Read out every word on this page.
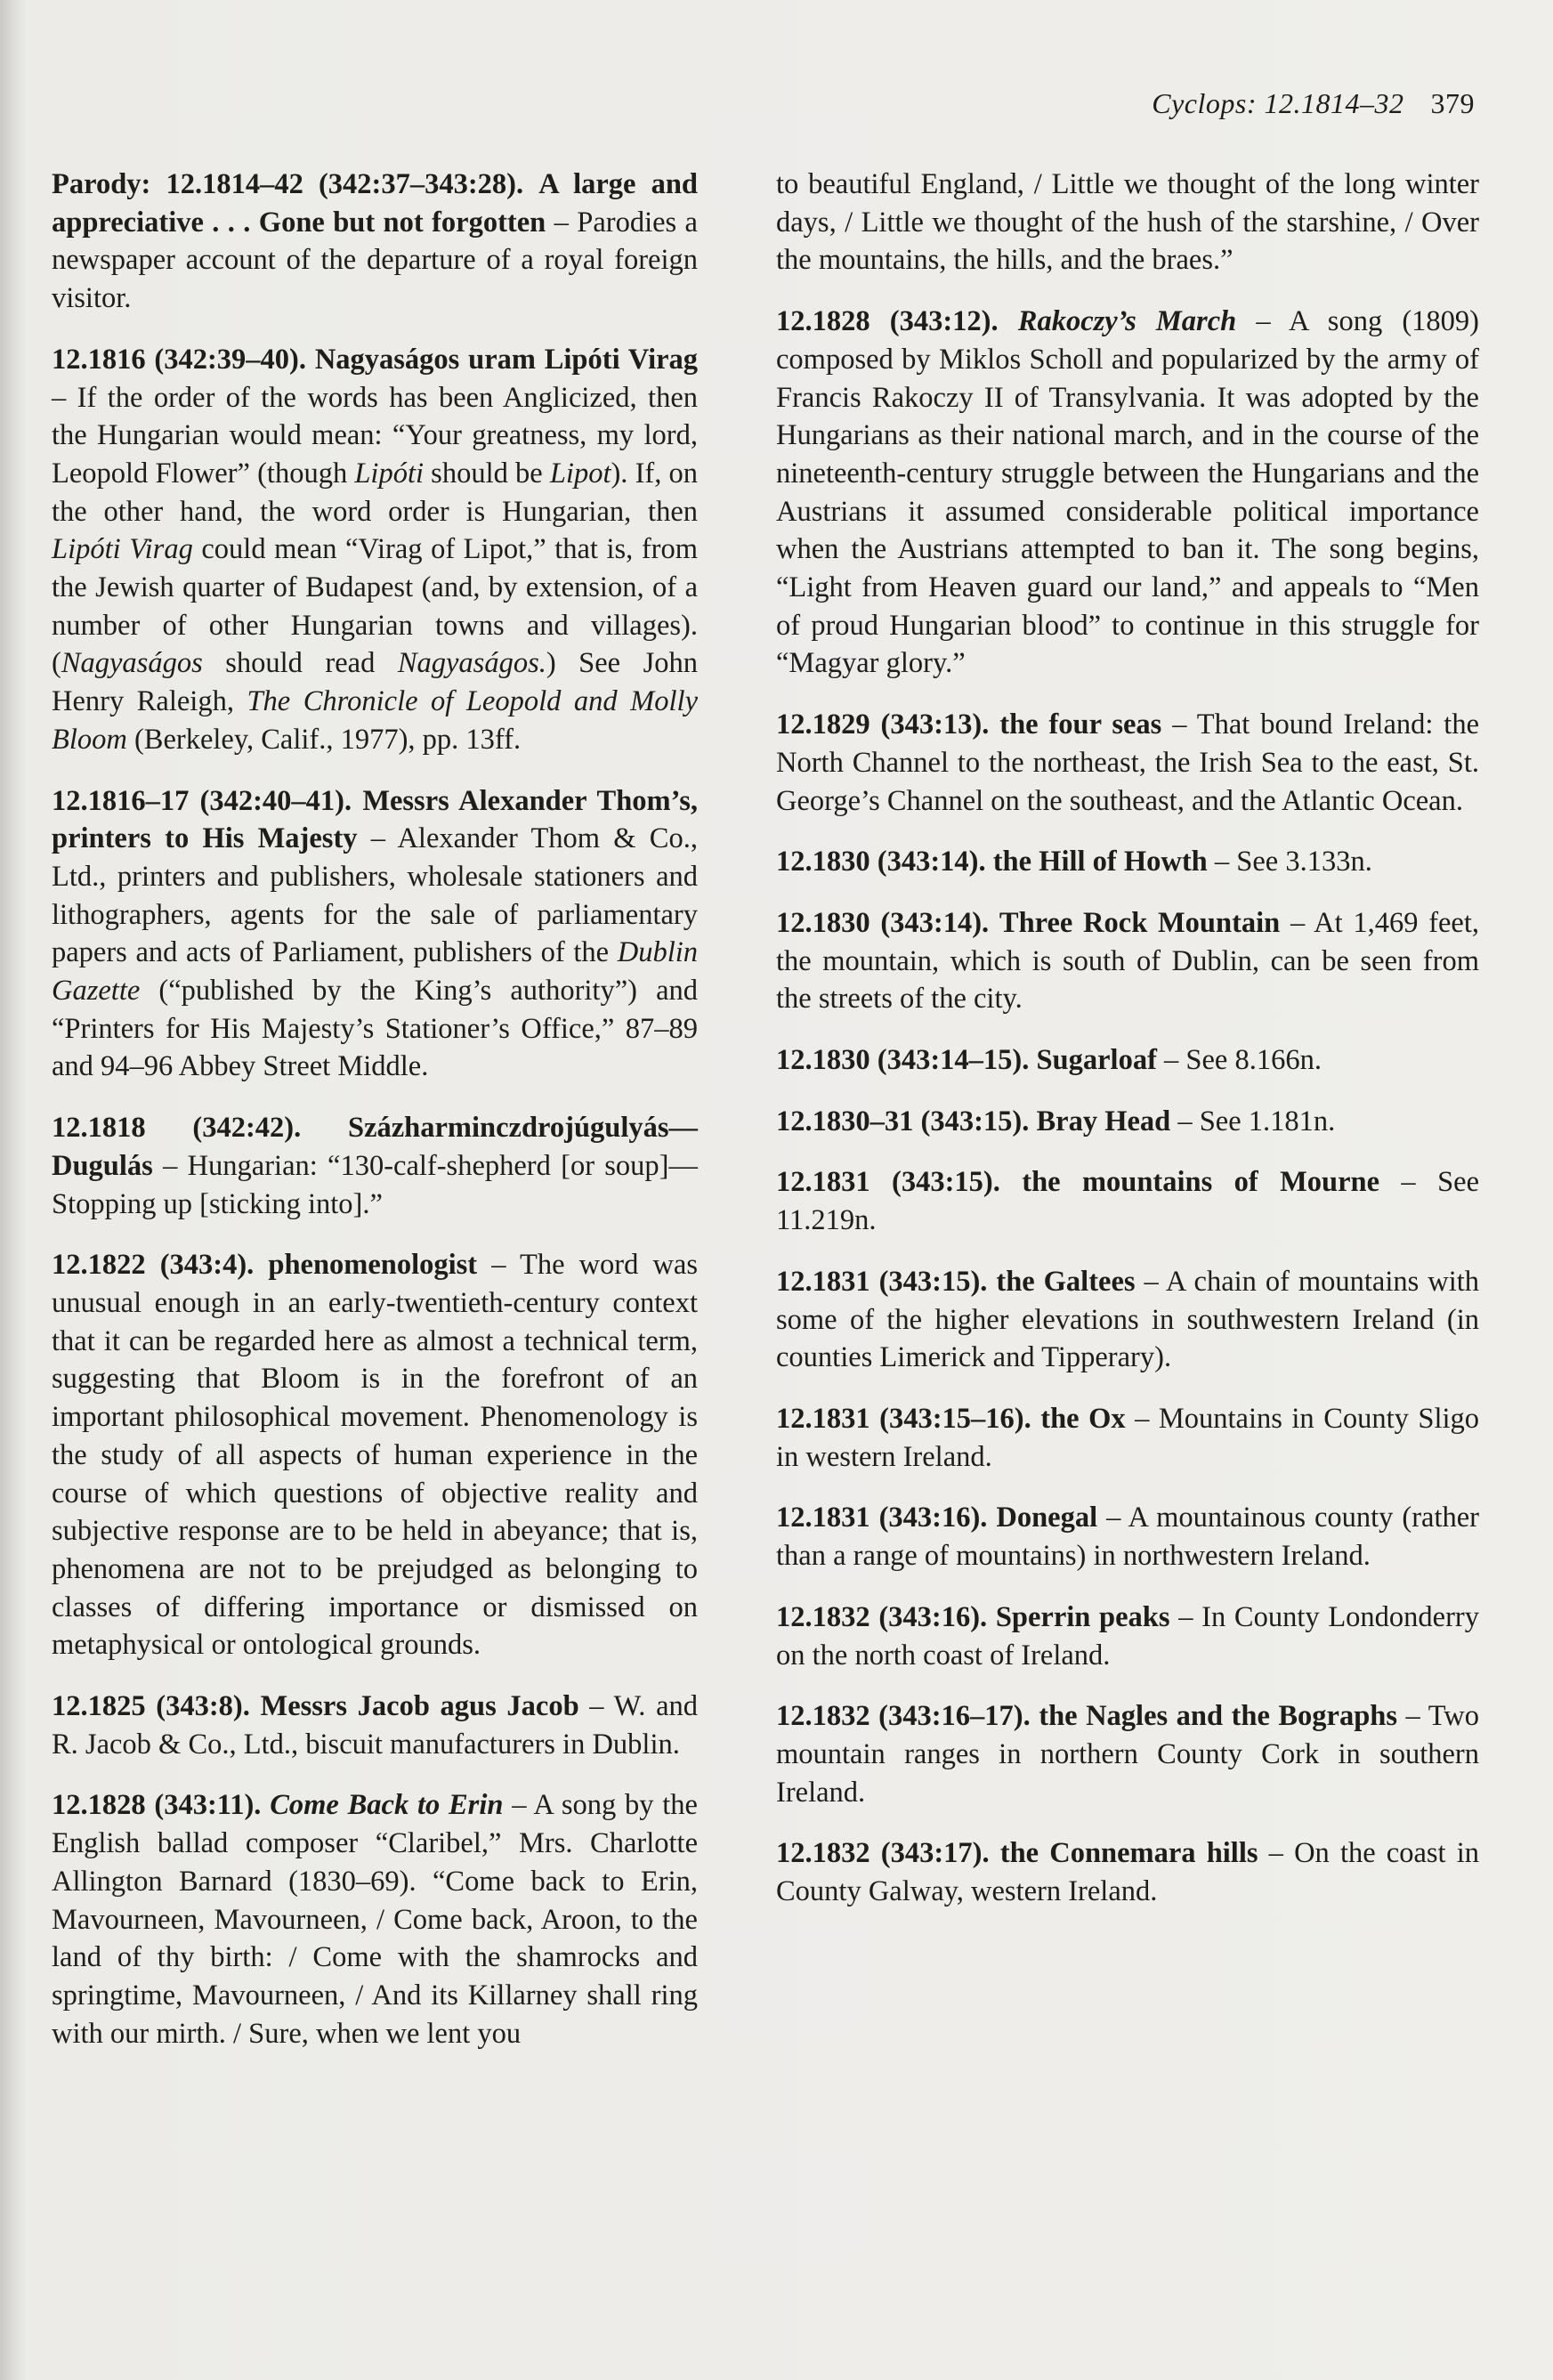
Cyclops: 12.1814–32 379

Parody: 12.1814–42 (342:37–343:28). A large and appreciative . . . Gone but not forgotten – Parodies a newspaper account of the departure of a royal foreign visitor.

12.1816 (342:39–40). Nagyaságos uram Lipóti Virag – If the order of the words has been Anglicized, then the Hungarian would mean: “Your greatness, my lord, Leopold Flower” (though Lipóti should be Lipot). If, on the other hand, the word order is Hungarian, then Lipóti Virag could mean “Virag of Lipot,” that is, from the Jewish quarter of Budapest (and, by extension, of a number of other Hungarian towns and villages). (Nagyaságos should read Nagyaságos.) See John Henry Raleigh, The Chronicle of Leopold and Molly Bloom (Berkeley, Calif., 1977), pp. 13ff.

12.1816–17 (342:40–41). Messrs Alexander Thom’s, printers to His Majesty – Alexander Thom & Co., Ltd., printers and publishers, wholesale stationers and lithographers, agents for the sale of parliamentary papers and acts of Parliament, publishers of the Dublin Gazette (“published by the King’s authority”) and “Printers for His Majesty’s Stationer’s Office,” 87–89 and 94–96 Abbey Street Middle.

12.1818 (342:42). Százharminczdrojúgulyás—Dugulás – Hungarian: “130-calf-shepherd [or soup]—Stopping up [sticking into].”

12.1822 (343:4). phenomenologist – The word was unusual enough in an early-twentieth-century context that it can be regarded here as almost a technical term, suggesting that Bloom is in the forefront of an important philosophical movement. Phenomenology is the study of all aspects of human experience in the course of which questions of objective reality and subjective response are to be held in abeyance; that is, phenomena are not to be prejudged as belonging to classes of differing importance or dismissed on metaphysical or ontological grounds.

12.1825 (343:8). Messrs Jacob agus Jacob – W. and R. Jacob & Co., Ltd., biscuit manufacturers in Dublin.

12.1828 (343:11). Come Back to Erin – A song by the English ballad composer “Claribel,” Mrs. Charlotte Allington Barnard (1830–69). “Come back to Erin, Mavourneen, Mavourneen, / Come back, Aroon, to the land of thy birth: / Come with the shamrocks and springtime, Mavourneen, / And its Killarney shall ring with our mirth. / Sure, when we lent you

to beautiful England, / Little we thought of the long winter days, / Little we thought of the hush of the starshine, / Over the mountains, the hills, and the braes.”

12.1828 (343:12). Rakoczy’s March – A song (1809) composed by Miklos Scholl and popularized by the army of Francis Rakoczy II of Transylvania. It was adopted by the Hungarians as their national march, and in the course of the nineteenth-century struggle between the Hungarians and the Austrians it assumed considerable political importance when the Austrians attempted to ban it. The song begins, “Light from Heaven guard our land,” and appeals to “Men of proud Hungarian blood” to continue in this struggle for “Magyar glory.”

12.1829 (343:13). the four seas – That bound Ireland: the North Channel to the northeast, the Irish Sea to the east, St. George’s Channel on the southeast, and the Atlantic Ocean.

12.1830 (343:14). the Hill of Howth – See 3.133n.

12.1830 (343:14). Three Rock Mountain – At 1,469 feet, the mountain, which is south of Dublin, can be seen from the streets of the city.

12.1830 (343:14–15). Sugarloaf – See 8.166n.

12.1830–31 (343:15). Bray Head – See 1.181n.

12.1831 (343:15). the mountains of Mourne – See 11.219n.

12.1831 (343:15). the Galtees – A chain of mountains with some of the higher elevations in southwestern Ireland (in counties Limerick and Tipperary).

12.1831 (343:15–16). the Ox – Mountains in County Sligo in western Ireland.

12.1831 (343:16). Donegal – A mountainous county (rather than a range of mountains) in northwestern Ireland.

12.1832 (343:16). Sperrin peaks – In County Londonderry on the north coast of Ireland.

12.1832 (343:16–17). the Nagles and the Bographs – Two mountain ranges in northern County Cork in southern Ireland.

12.1832 (343:17). the Connemara hills – On the coast in County Galway, western Ireland.
